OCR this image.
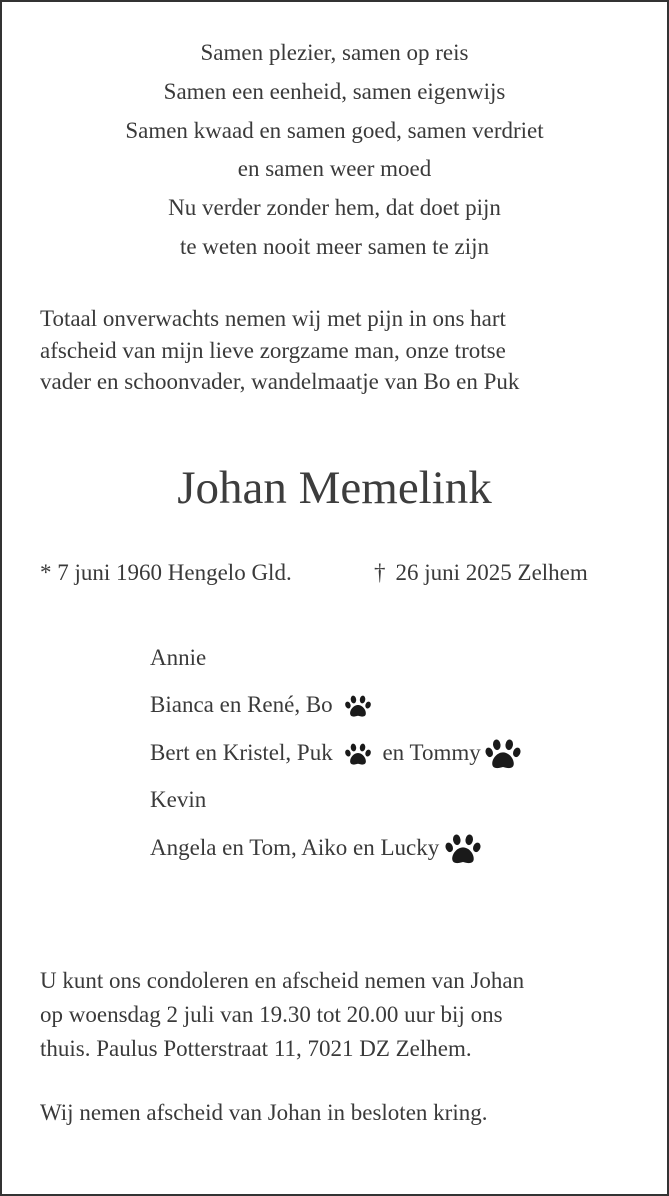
Samen plezier, samen op reis
Samen een eenheid, samen eigenwijs
Samen kwaad en samen goed, samen verdriet
en samen weer moed
Nu verder zonder hem, dat doet pijn
te weten nooit meer samen te zijn
Totaal onverwachts nemen wij met pijn in ons hart
afscheid van mijn lieve zorgzame man, onze trotse
vader en schoonvader, wandelmaatje van Bo en Puk
Johan Memelink
* 7 juni 1960 Hengelo Gld.	† 26 juni 2025 Zelhem
Annie
Bianca en René, Bo
Bert en Kristel, Puk en Tommy
Kevin
Angela en Tom, Aiko en Lucky
U kunt ons condoleren en afscheid nemen van Johan
op woensdag 2 juli van 19.30 tot 20.00 uur bij ons
thuis. Paulus Potterstraat 11, 7021 DZ Zelhem.
Wij nemen afscheid van Johan in besloten kring.
